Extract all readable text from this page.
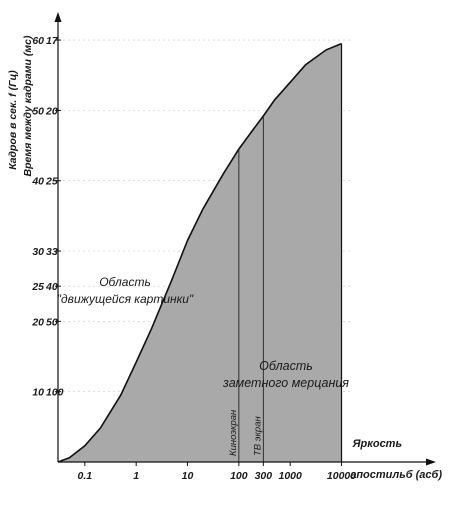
Киноэкран ТВ экран
0.1	1	10	100 300 1000 10000
10 100
20 50
25 40
30 33
40 25
50 20
60 17
Кадров в сек. f (Гц) Время между кадрами (мс)
Яркость
апостильб (асб)
Область
"движущейся картинки"
Область
заметного мерцания
